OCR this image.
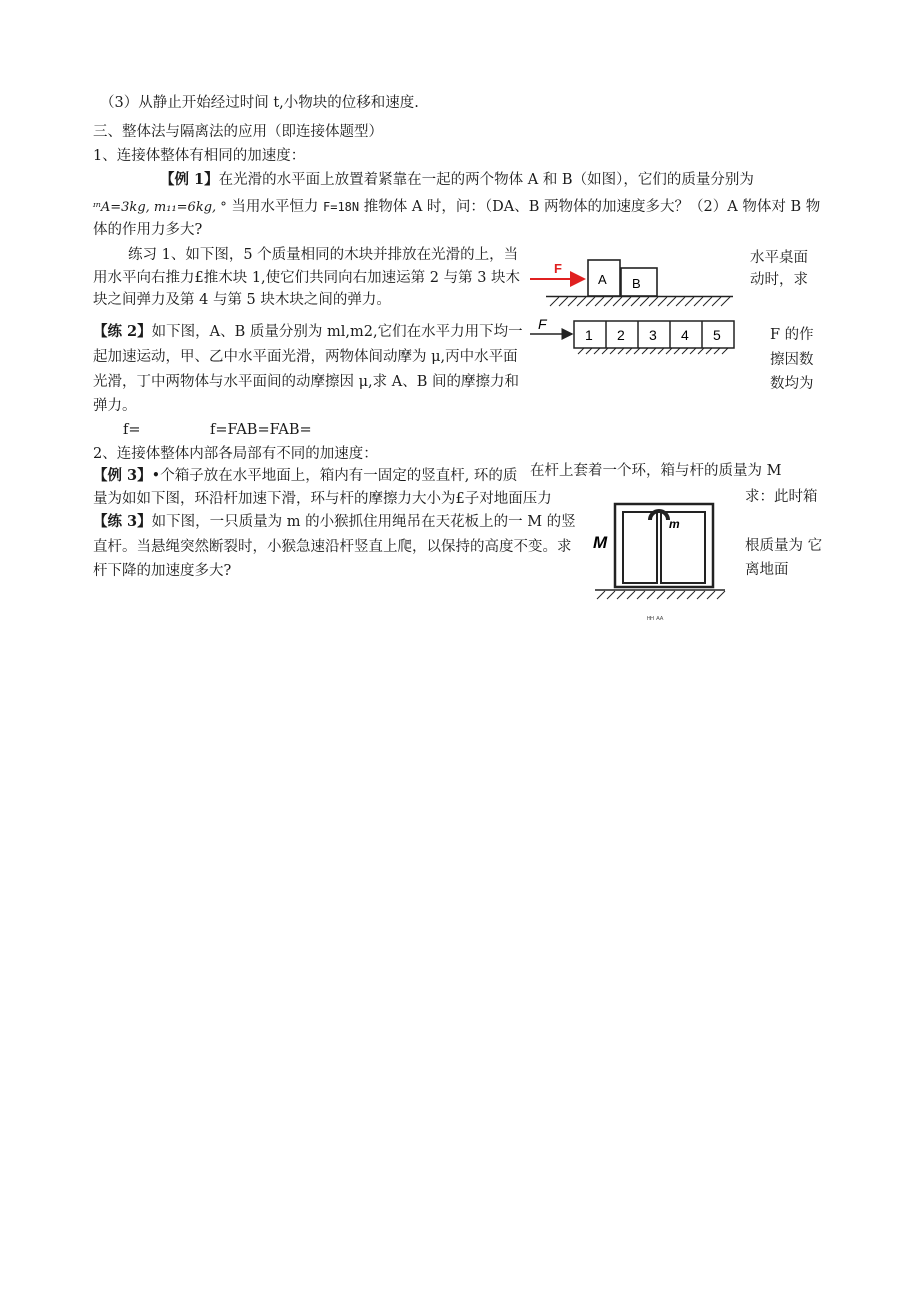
（3）从静止开始经过时间 t,小物块的位移和速度.
三、整体法与隔离法的应用（即连接体题型）
1、连接体整体有相同的加速度：
【例 1】在光滑的水平面上放置着紧靠在一起的两个物体 A 和 B（如图），它们的质量分别为
ᶦⁿA=3kg, m₁₁=6kg, ° 当用水平恒力 F=18N 推物体 A 时，问：（DA、B 两物体的加速度多大？（2）A 物体对 B 物
体的作用力多大?
练习 1、如下图，5 个质量相同的木块并排放在光滑的上，当
用水平向右推力£推木块 1,使它们共同向右加速运第 2 与第 3 块木
块之间弹力及第 4 与第 5 块木块之间的弹力。
水平桌面
动时，求
【练 2】如下图，A、B 质量分别为 ml,m2,它们在水平力用下均一
起加速运动，甲、乙中水平面光滑，两物体间动摩为 μ,丙中水平面
光滑，丁中两物体与水平面间的动摩擦因 μ,求 A、B 间的摩擦力和
弹力。
F 的作
擦因数
数均为
f=	f=FAB=FAB=
2、连接体整体内部各局部有不同的加速度：
【例 3】•个箱子放在水平地面上，箱内有一固定的竖直杆, 环的质
量为如如下图，环沿杆加速下滑，环与杆的摩擦力大小为£子对地面压力
在杆上套着一个环，箱与杆的质量为 M
求：此时箱
【练 3】如下图，一只质量为 m 的小猴抓住用绳吊在天花板上的一 M 的竖
直杆。当悬绳突然断裂时，小猴急速沿杆竖直上爬，以保持的高度不变。求
杆下降的加速度多大?
根质量为 它
离地面
F
A B
F
1 2 3 4 5
M
m
ᴴᴴ ᴬᴬ
